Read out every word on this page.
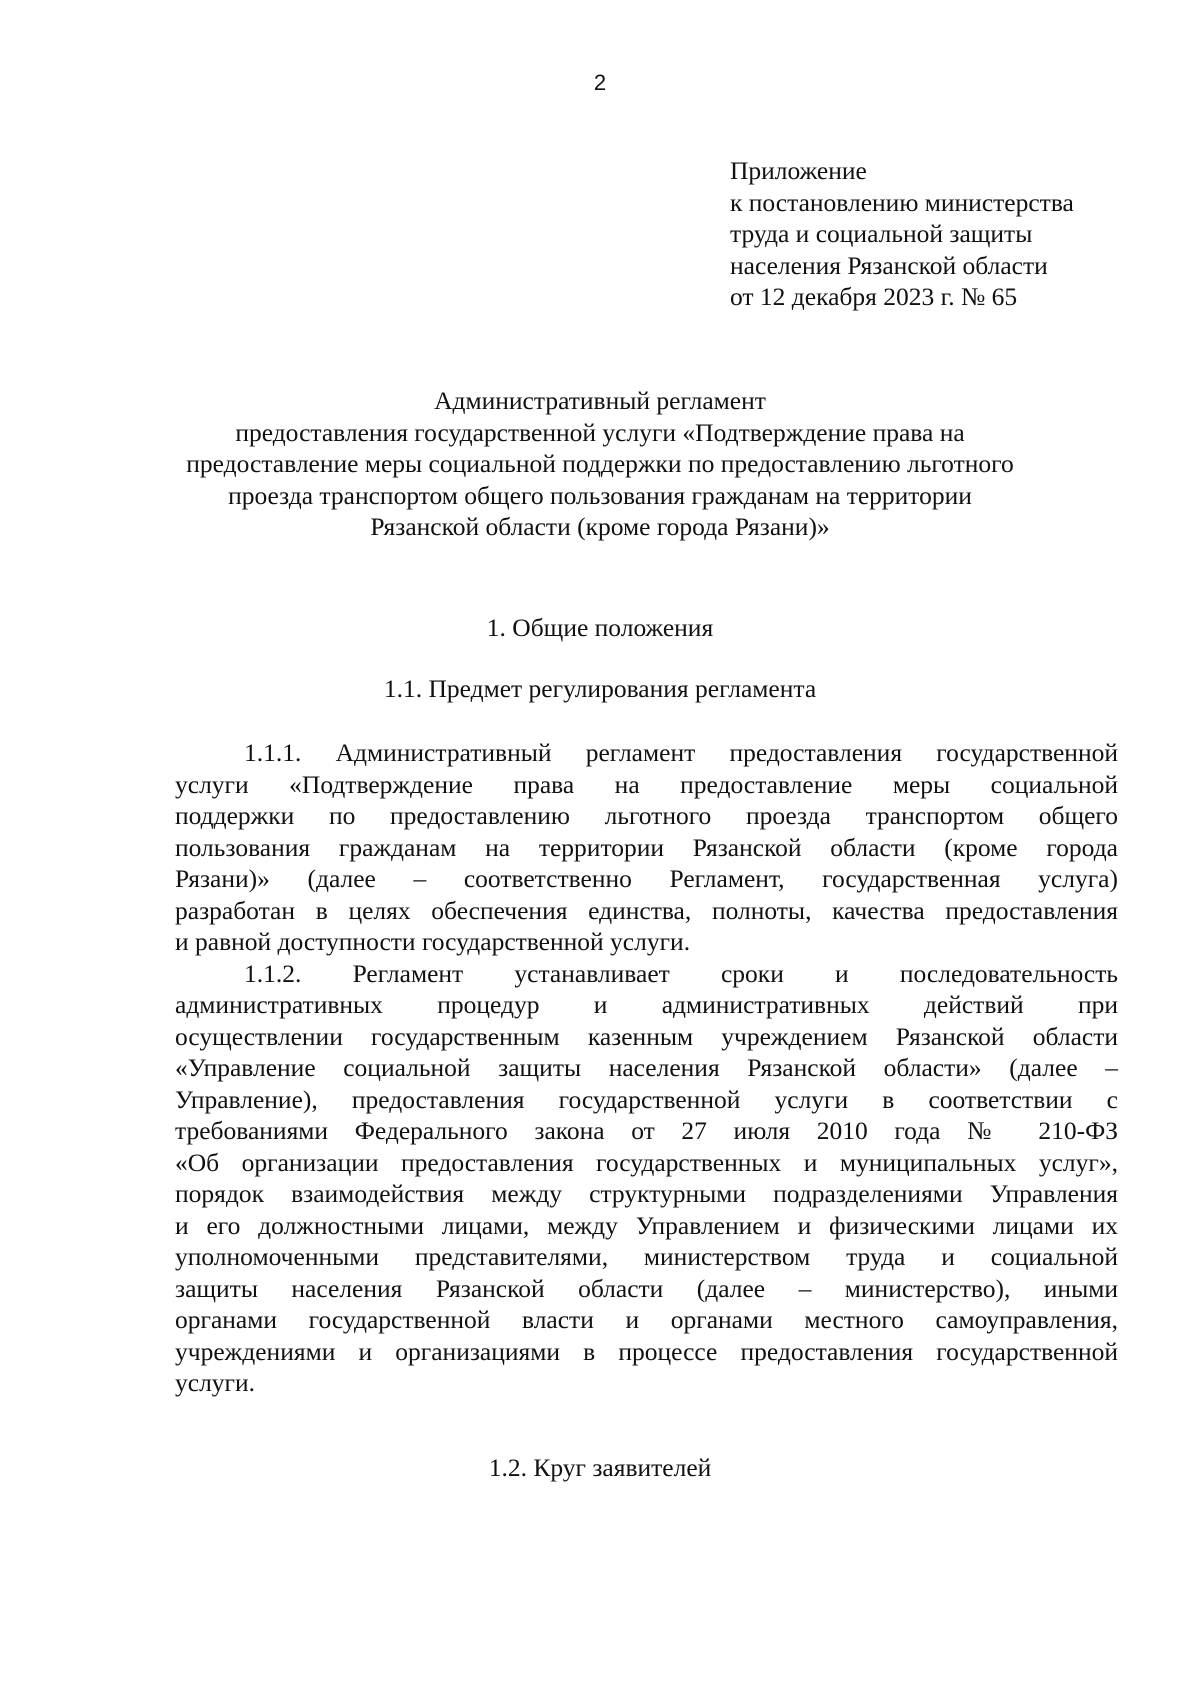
2
Приложение
к постановлению министерства
труда и социальной защиты
населения Рязанской области
от 12 декабря 2023 г. № 65
Административный регламент
предоставления государственной услуги «Подтверждение права на
предоставление меры социальной поддержки по предоставлению льготного
проезда транспортом общего пользования гражданам на территории
Рязанской области (кроме города Рязани)»
1. Общие положения
1.1. Предмет регулирования регламента
1.1.1. Административный регламент предоставления государственной
услуги «Подтверждение права на предоставление меры социальной
поддержки по предоставлению льготного проезда транспортом общего
пользования гражданам на территории Рязанской области (кроме города
Рязани)» (далее – соответственно Регламент, государственная услуга)
разработан в целях обеспечения единства, полноты, качества предоставления
и равной доступности государственной услуги.
1.1.2. Регламент устанавливает сроки и последовательность
административных процедур и административных действий при
осуществлении государственным казенным учреждением Рязанской области
«Управление социальной защиты населения Рязанской области» (далее –
Управление), предоставления государственной услуги в соответствии с
требованиями Федерального закона от 27 июля 2010 года № 210-ФЗ
«Об организации предоставления государственных и муниципальных услуг»,
порядок взаимодействия между структурными подразделениями Управления
и его должностными лицами, между Управлением и физическими лицами их
уполномоченными представителями, министерством труда и социальной
защиты населения Рязанской области (далее – министерство), иными
органами государственной власти и органами местного самоуправления,
учреждениями и организациями в процессе предоставления государственной
услуги.
1.2. Круг заявителей
